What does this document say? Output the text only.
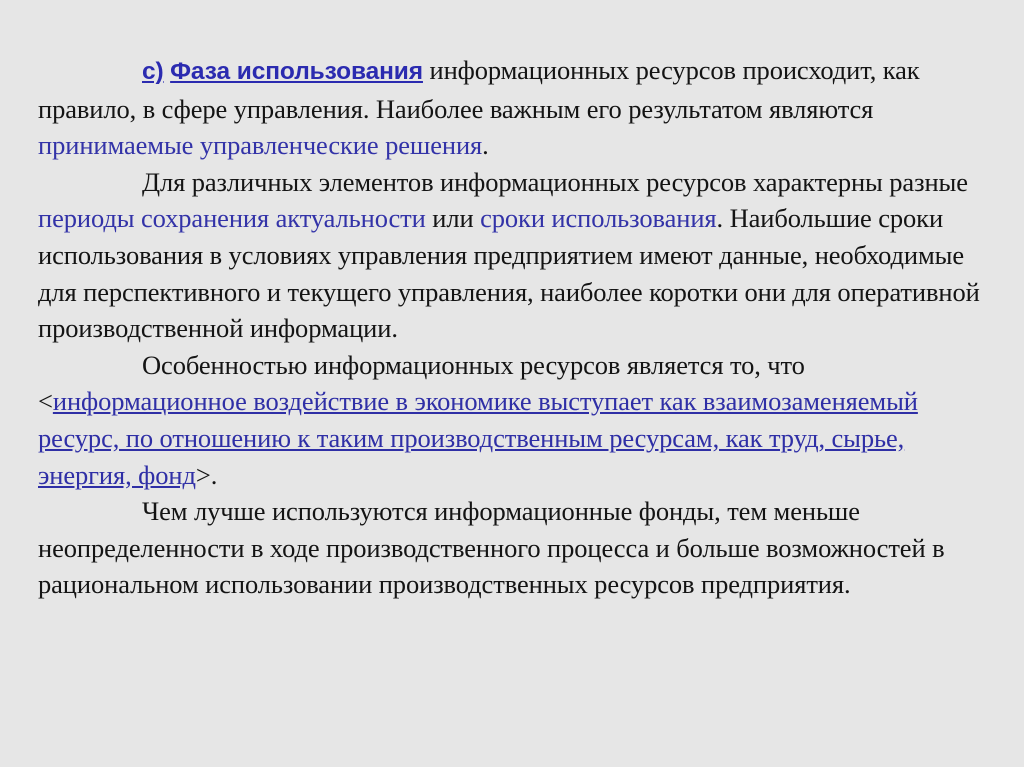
с) Фаза использования информационных ресурсов происходит, как правило, в сфере управления. Наиболее важным его результатом являются принимаемые управленческие решения.

Для различных элементов информационных ресурсов характерны разные периоды сохранения актуальности или сроки использования. Наибольшие сроки использования в условиях управления предприятием имеют данные, необходимые для перспективного и текущего управления, наиболее коротки они для оперативной производственной информации.

Особенностью информационных ресурсов является то, что <информационное воздействие в экономике выступает как взаимозаменяемый ресурс, по отношению к таким производственным ресурсам, как труд, сырье, энергия, фонд>.

Чем лучше используются информационные фонды, тем меньше неопределенности в ходе производственного процесса и больше возможностей в рациональном использовании производственных ресурсов предприятия.
